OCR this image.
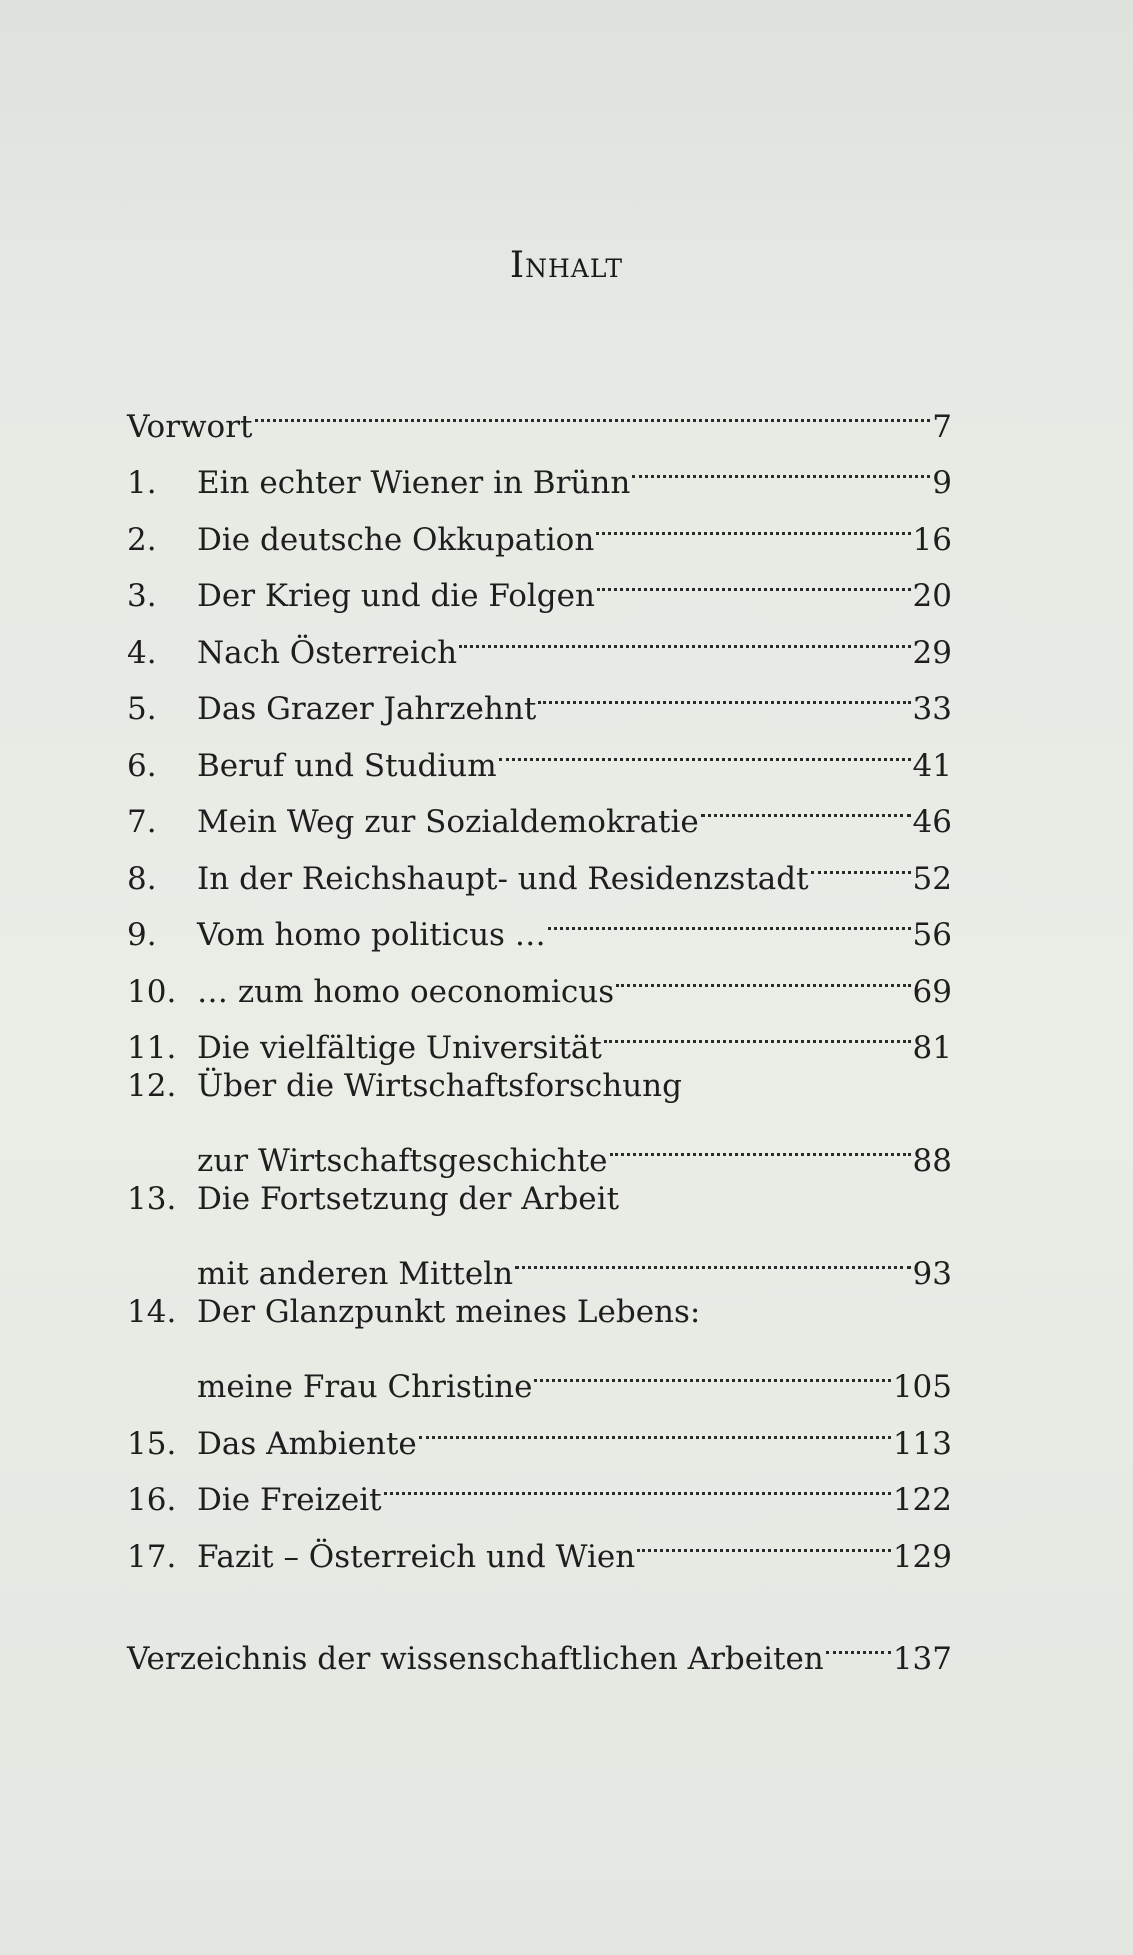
Inhalt
Vorwort	7
1.	Ein echter Wiener in Brünn	9
2.	Die deutsche Okkupation	16
3.	Der Krieg und die Folgen	20
4.	Nach Österreich	29
5.	Das Grazer Jahrzehnt	33
6.	Beruf und Studium	41
7.	Mein Weg zur Sozialdemokratie	46
8.	In der Reichshaupt- und Residenzstadt	52
9.	Vom homo politicus …	56
10. … zum homo oeconomicus	69
11. Die vielfältige Universität	81
12. Über die Wirtschaftsforschung
zur Wirtschaftsgeschichte	88
13. Die Fortsetzung der Arbeit
mit anderen Mitteln	93
14. Der Glanzpunkt meines Lebens:
meine Frau Christine	105
15. Das Ambiente	113
16. Die Freizeit	122
17. Fazit – Österreich und Wien	129
Verzeichnis der wissenschaftlichen Arbeiten 137
